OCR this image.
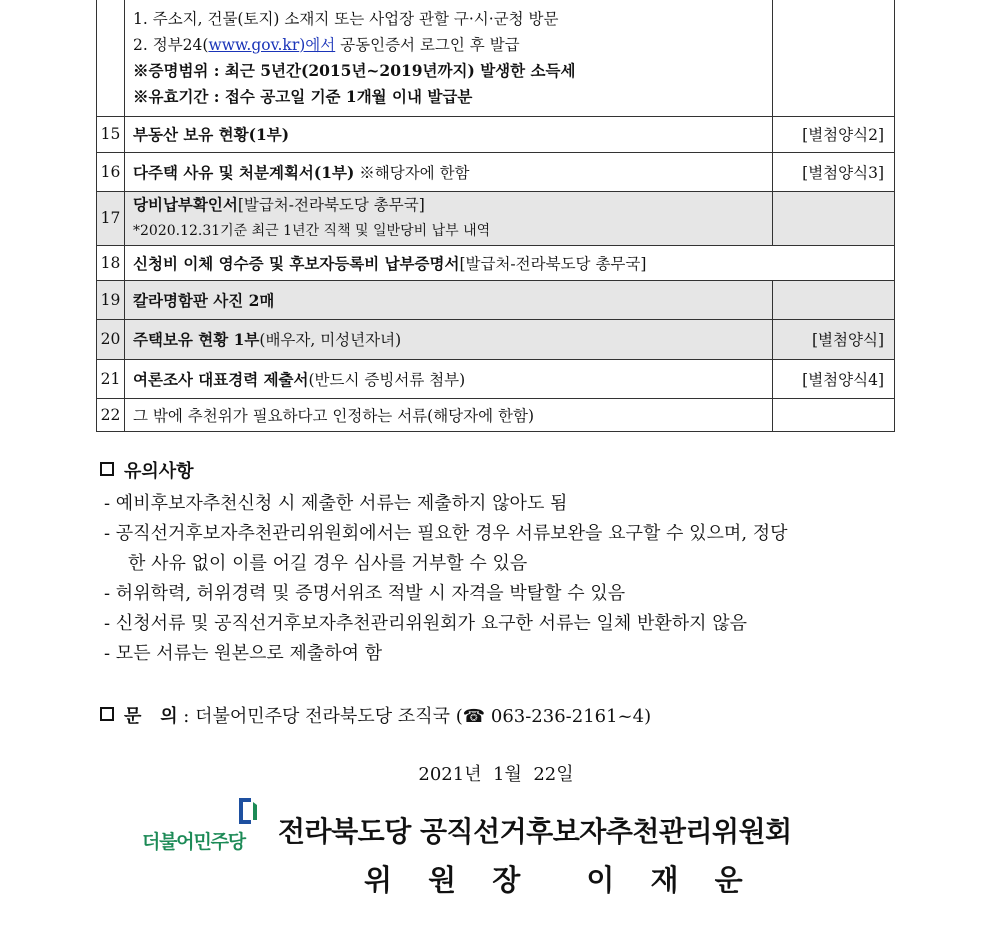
	1. 주소지, 건물(토지) 소재지 또는 사업장 관할 구·시·군청 방문
2. 정부24(www.gov.kr)에서 공동인증서 로그인 후 발급
※증명범위 : 최근 5년간(2015년~2019년까지) 발생한 소득세
※유효기간 : 접수 공고일 기준 1개월 이내 발급분	

15	부동산 보유 현황(1부)	[별첨양식2]
16	다주택 사유 및 처분계획서(1부) ※해당자에 한함	[별첨양식3]
17	당비납부확인서[발급처-전라북도당 총무국]
*2020.12.31기준 최근 1년간 직책 및 일반당비 납부 내역	

18	신청비 이체 영수증 및 후보자등록비 납부증명서[발급처-전라북도당 총무국]	
19	칼라명함판 사진 2매	
20	주택보유 현황 1부(배우자, 미성년자녀)	[별첨양식]
21	여론조사 대표경력 제출서(반드시 증빙서류 첨부)	[별첨양식4]
22	그 밖에 추천위가 필요하다고 인정하는 서류(해당자에 한함)	
유의사항
- 예비후보자추천신청 시 제출한 서류는 제출하지 않아도 됨
- 공직선거후보자추천관리위원회에서는 필요한 경우 서류보완을 요구할 수 있으며, 정당
한 사유 없이 이를 어길 경우 심사를 거부할 수 있음
- 허위학력, 허위경력 및 증명서위조 적발 시 자격을 박탈할 수 있음
- 신청서류 및 공직선거후보자추천관리위원회가 요구한 서류는 일체 반환하지 않음
- 모든 서류는 원본으로 제출하여 함
문   의 : 더불어민주당 전라북도당 조직국 (☎ 063-236-2161~4)
2021년  1월  22일
더불어민주당 전라북도당 공직선거후보자추천관리위원회
위 원 장  이 재 운
